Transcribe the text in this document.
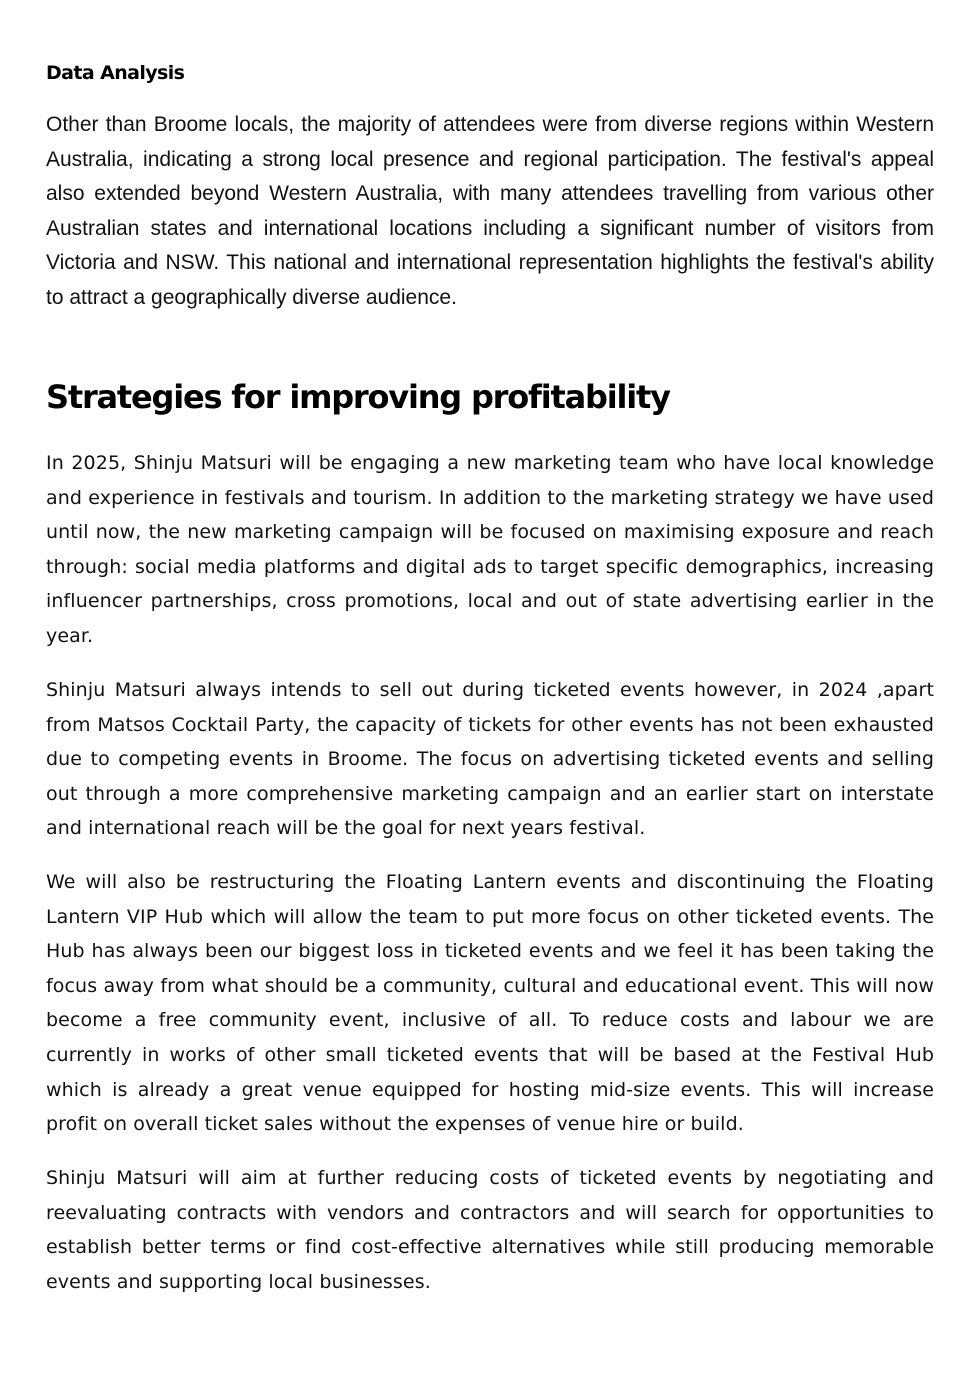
Data Analysis

Other than Broome locals, the majority of attendees were from diverse regions within Western Australia, indicating a strong local presence and regional participation. The festival's appeal also extended beyond Western Australia, with many attendees travelling from various other Australian states and international locations including a significant number of visitors from Victoria and NSW. This national and international representation highlights the festival's ability to attract a geographically diverse audience.

Strategies for improving profitability

In 2025, Shinju Matsuri will be engaging a new marketing team who have local knowledge and experience in festivals and tourism. In addition to the marketing strategy we have used until now, the new marketing campaign will be focused on maximising exposure and reach through: social media platforms and digital ads to target specific demographics, increasing influencer partnerships, cross promotions, local and out of state advertising earlier in the year.

Shinju Matsuri always intends to sell out during ticketed events however, in 2024 ,apart from Matsos Cocktail Party, the capacity of tickets for other events has not been exhausted due to competing events in Broome. The focus on advertising ticketed events and selling out through a more comprehensive marketing campaign and an earlier start on interstate and international reach will be the goal for next years festival.

We will also be restructuring the Floating Lantern events and discontinuing the Floating Lantern VIP Hub which will allow the team to put more focus on other ticketed events. The Hub has always been our biggest loss in ticketed events and we feel it has been taking the focus away from what should be a community, cultural and educational event. This will now become a free community event, inclusive of all. To reduce costs and labour we are currently in works of other small ticketed events that will be based at the Festival Hub which is already a great venue equipped for hosting mid-size events. This will increase profit on overall ticket sales without the expenses of venue hire or build.

Shinju Matsuri will aim at further reducing costs of ticketed events by negotiating and reevaluating contracts with vendors and contractors and will search for opportunities to establish better terms or find cost-effective alternatives while still producing memorable events and supporting local businesses.
